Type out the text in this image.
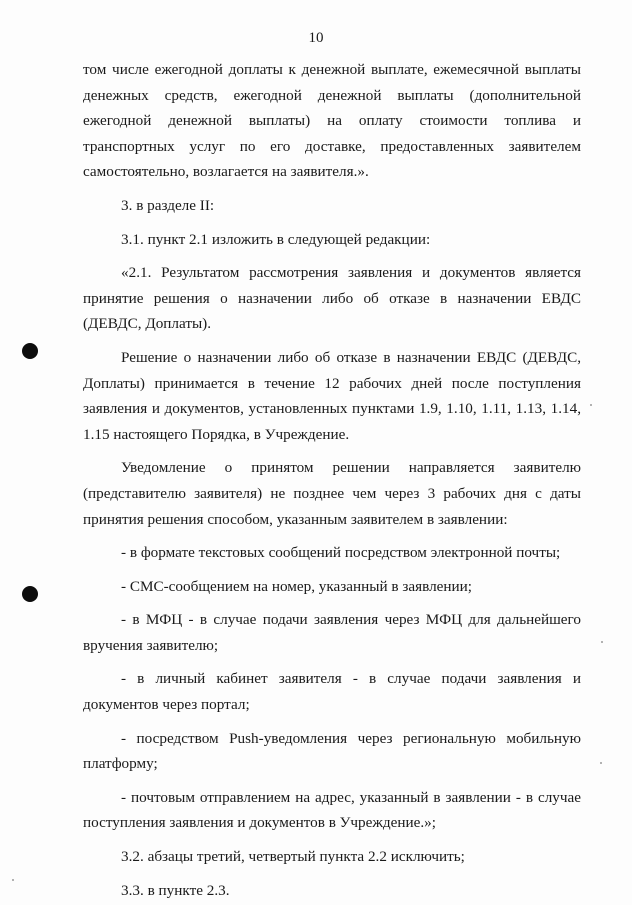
10

том числе ежегодной доплаты к денежной выплате, ежемесячной выплаты денежных средств, ежегодной денежной выплаты (дополнительной ежегодной денежной выплаты) на оплату стоимости топлива и транспортных услуг по его доставке, предоставленных заявителем самостоятельно, возлагается на заявителя.».

3. в разделе II:

3.1. пункт 2.1 изложить в следующей редакции:

«2.1. Результатом рассмотрения заявления и документов является принятие решения о назначении либо об отказе в назначении ЕВДС (ДЕВДС, Доплаты).

Решение о назначении либо об отказе в назначении ЕВДС (ДЕВДС, Доплаты) принимается в течение 12 рабочих дней после поступления заявления и документов, установленных пунктами 1.9, 1.10, 1.11, 1.13, 1.14, 1.15 настоящего Порядка, в Учреждение.

Уведомление о принятом решении направляется заявителю (представителю заявителя) не позднее чем через 3 рабочих дня с даты принятия решения способом, указанным заявителем в заявлении:

- в формате текстовых сообщений посредством электронной почты;

- СМС-сообщением на номер, указанный в заявлении;

- в МФЦ - в случае подачи заявления через МФЦ для дальнейшего вручения заявителю;

- в личный кабинет заявителя - в случае подачи заявления и документов через портал;

- посредством Push-уведомления через региональную мобильную платформу;

- почтовым отправлением на адрес, указанный в заявлении - в случае поступления заявления и документов в Учреждение.»;

3.2. абзацы третий, четвертый пункта 2.2 исключить;

3.3. в пункте 2.3.
